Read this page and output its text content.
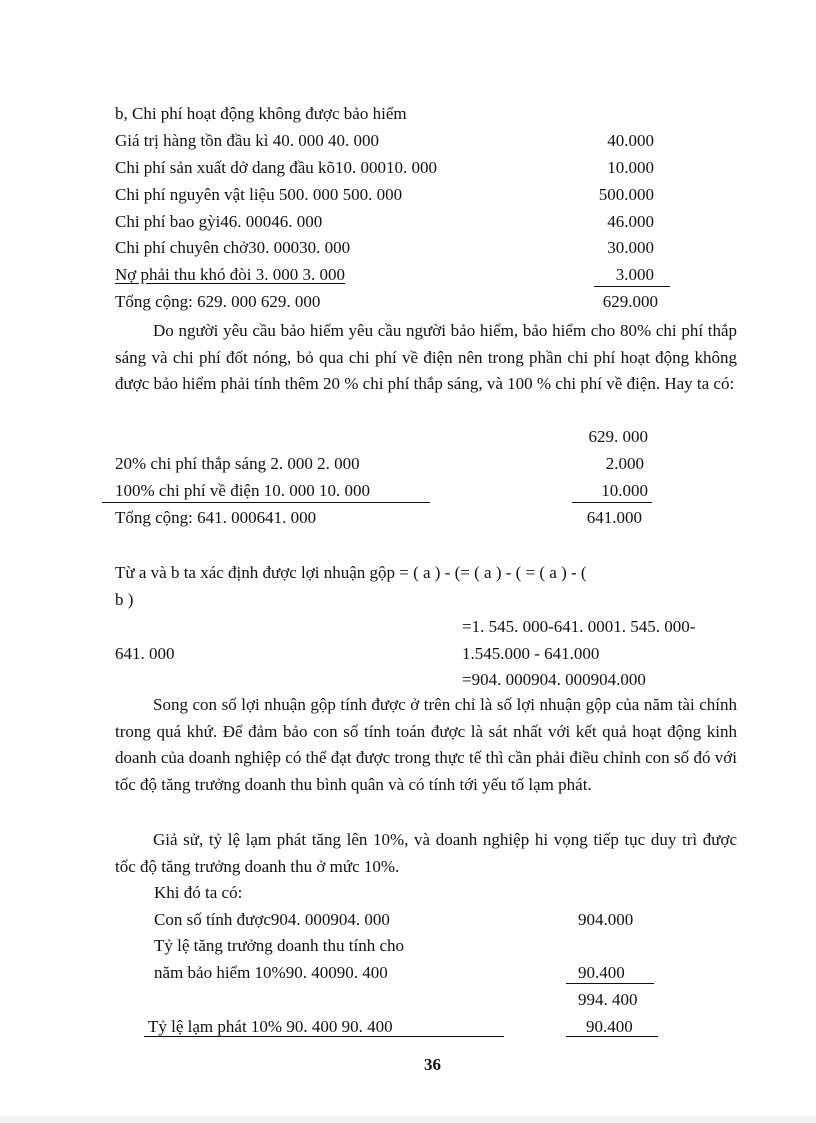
b, Chi phí hoạt động không được bảo hiểm
Giá trị hàng tồn đầu kì 40. 000 40. 000	40.000
Chi phí sản xuất dở dang đầu kõ10. 00010. 000	10.000
Chi phí nguyên vật liệu 500. 000 500. 000	500.000
Chi phí bao gỳi46. 00046. 000	46.000
Chi phí chuyên chở30. 00030. 000	30.000
Nợ phải thu khó đòi 3. 000 3. 000	3.000
Tổng cộng: 629. 000 629. 000	629.000
Do người yêu cầu bảo hiểm yêu cầu người bảo hiểm, bảo hiểm cho 80% chi phí thắp sáng và chi phí đốt nóng, bỏ qua chi phí về điện nên trong phần chi phí hoạt động không được bảo hiểm phải tính thêm 20 % chi phí thắp sáng, và 100 % chi phí về điện. Hay ta có:
629. 000
20% chi phí thắp sáng 2. 000 2. 000	2.000
100% chi phí về điện 10. 000 10. 000	10.000
Tổng cộng: 641. 000641. 000	641.000
Từ a và b ta xác định được lợi nhuận gộp = ( a ) - (= ( a ) - ( = ( a ) - (
b )
=1. 545. 000-641. 0001. 545. 000-
641. 000	1.545.000 - 641.000
=904. 000904. 000904.000
Song con số lợi nhuận gộp tính được ở trên chỉ là số lợi nhuận gộp của năm tài chính trong quá khứ. Để đảm bảo con số tính toán được là sát nhất với kết quả hoạt động kinh doanh của doanh nghiệp có thể đạt được trong thực tế thì cần phải điều chỉnh con số đó với tốc độ tăng trưởng doanh thu bình quân và có tính tới yếu tố lạm phát.
Giả sử, tỷ lệ lạm phát tăng lên 10%, và doanh nghiệp hi vọng tiếp tục duy trì được tốc độ tăng trưởng doanh thu ở mức 10%.
Khi đó ta có:
Con số tính được904. 000904. 000	904.000
Tỷ lệ tăng trưởng doanh thu tính cho
năm bảo hiểm 10%90. 40090. 400	90.400
994. 400
Tỷ lệ lạm phát 10% 90. 400 90. 400	90.400
36
